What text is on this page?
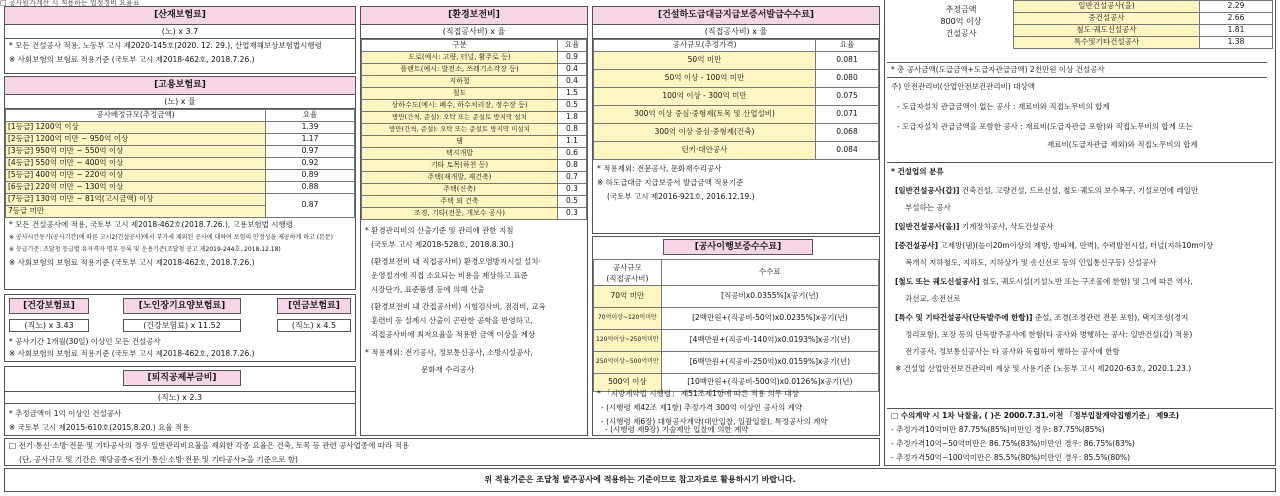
□ 공사원가계산 시 적용하는 법정경비 요율표
[산재보험료]
(노) x 3.7
* 모든 건설공사 적용, 노동부 고시 제2020-145호(2020. 12. 29.), 산업재해보상보험법시행령
※ 사회보험의 보험료 적용기준 (국토부 고시 제2018-462호, 2018.7.26.)
[고용보험료]
(노) x 율
공사배정규모(추정금액)	요율
[1등급] 1200억 이상	1.39
[2등급] 1200억 미만 ~ 950억 이상	1.17
[3등급] 950억 미만 ~ 550억 이상	0.97
[4등급] 550억 미만 ~ 400억 이상	0.92
[5등급] 400억 미만 ~ 220억 이상	0.89
[6등급] 220억 미만 ~ 130억 이상	0.88
[7등급] 130억 미만 ~ 81억(고시금액) 이상	0.87
7등급 미만	
* 모든 건설공사에 적용, 국토부 고시 제2018-462호(2018.7.26.), 고용보험법 시행령
※ 공사시간동기(공사기간)에 따른 고시2(건설공사)에서 부가세 제외된 공사에 대하여 보험의 안정성을 제공하게 하고 (본문)
※ 등급기준: 조달청 등급별 유자격자 명부 등록 및 운용기준(조달청 공고 제2019-244호, 2018.12.18)
※ 사회보험의 보험료 적용기준 (국토부 고시 제2018-462호, 2018.7.26.)
[건강보험료]	[노인장기요양보험료]	[연금보험료]
(직노) x 3.43	(건강보험료) x 11.52	(직노) x 4.5
* 공사기간 1개월(30일) 이상인 모든 건설공사
※ 사회보험의 보험료 적용기준 (국토부 고시 제2018-462호, 2018.7.26.)
[퇴직공제부금비]
(직노) x 2.3
* 추정금액이 1억 이상인 건설공사
※ 국토부 고시 제2015-610호(2015.8.20.) 요율 적용
□ 전기·통신·소방·전문 및 기타공사의 경우 일반관리비요율을 제외한 각종 요율은 건축, 토목 등 관련 공사업종에 따라 적용
(단, 공사규모 및 기간은 해당공종<전기·통신·소방·전문 및 기타공사>을 기준으로 함)
[환경보전비]
(직접공사비) x 율
구분	요율
도로(예시: 고량, 터널, 활주로 등)	0.9
플랜트(예시: 발전소, 쓰레기소각장 등)	0.4
지하철	0.4
철도	1.5
상하수도(예시: 폐수, 하수처리장, 정수장 등)	0.5
방만(간척, 준설): 오탁 또는 준설토 방지막 설치	1.8
방만(간척, 준설): 오탁 또는 준설토 방지막 미설치	0.8
댐	1.1
택지개발	0.6
기타 토목(하천 등)	0.8
주택(재개발, 재건축)	0.7
주택(신축)	0.3
주택 외 건축	0.5
조경, 기타(전문, 개보수 공사)	0.3
* 환경관리비의 산출기준 및 관리에 관한 지침
(국토부 고시 제2018-528호, 2018.8.30.)
(환경보전비 내 직접공사비) 환경오염방지시설 설치·
운영절거에 직접 소요되는 비용을 계상하고 표준
시장단가, 표준품셈 등에 의해 산출
(환경보전비 내 간접공사비) 시험검사비, 점검비, 교육
훈련비 등 설계시 산출이 곤란한 공학을 반영하고,
직접공사비에 최저요율을 적용한 금액 이상을 계상
* 적용제외: 전기공사, 정보통신공사, 소방시설공사,
문화재 수리공사
[건설하도급대금지급보증서발급수수료]
(직접공사비) x 율
공사규모(추정가격)	요율
50억 미만	0.081
50억 이상 - 100억 미만	0.080
100억 이상 - 300억 미만	0.075
300억 이상 중심·중형제(토목 및 산업설비)	0.071
300억 이상 중심·중형제(건축)	0.068
턴키·대안공사	0.084
* 적용제외: 전문공사, 문화재수리공사
※ 하도급대금 지급보증서 발급금액 적용기준
(국토부 고시 제2016-921호, 2016.12.19.)
[공사이행보증수수료]
공사규모
(직접공사비)	수수료
70억 미만	[직공비x0.0355%]x공기(년)
70억이상~120억미만	[2백만원+(직공비-50억)x0.0235%]x공기(년)
120억이상~250억미만	[4백만원+(직공비-140억)x0.0193%]x공기(년)
250억이상~500억미만	[6백만원+(직공비-250억)x0.0159%]x공기(년)
500억 이상	[10백만원+(직공비-500억)x0.0126%]x공기(년)
* 「지방계약법 시행령」 제51조제1항에 따른 적용 의무 대상
- (시행령 제42조 제1항) 추정가격 300억 이상인 공사의 계약
- (시행령 제6장) 대형공사계약(대안입찰, 일괄입찰), 특정공사의 계약
- (시행령 제9장) 기술제안 입찰에 의한 계약
추정금액
800억 이상
건설공사
일반건설공사(을)	2.29
중건설공사	2.66
철도·궤도신설공사	1.81
특수및기타건설공사	1.38
* 총 공사금액(도급금액+도급자관급금액) 2천만원 이상 건설공사
주) 안전관리비(산업안전보건관리비) 대상액
- 도급자설치 관급금액이 없는 공사 : 재료비와 직접노무비의 합계
- 도급자설치 관급금액을 포함한 공사 : 재료비(도급자관급 포함)와 직접노무비의 합계 또는
재료비(도급자관급 제외)와 직접노무비의 합계
* 건설업의 분류
[일반건설공사(갑)] 건축건설, 고량건설, 드르신설, 철도·궤도의 보수복구, 기설로면에 레일만
부설하는 공사
[일반건설공사(을)] 기계장치공사, 삭도건설공사
[중건설공사] 고제방(댐)(높이20m이상의 제방, 방파제, 안벽), 수력발전시설, 터널(지하10m이상
복개식 지하철도, 지하도, 지하상가 및 송신선로 등의 인입통신구등) 신설공사
[철도 또는 궤도신설공사] 철도, 궤도시설(기설노반 또는 구조물에 한함) 및 그에 따른 역사,
과선교, 송전선로
[특수 및 기타건설공사(단독발주에 한함)] 준설, 조경(조경관련 전문 포함), 택지조성(경지
정리포함), 포장 등의 단독발주공사에 한함(타 공사와 병행하는 공사: 일반건설(갑) 적용)
전기공사, 정보통신공사는 타 공사와 독립하여 행하는 공사에 한함
※ 건설업 산업안전보건관리비 계상 및 사용기준 (노동부 고시 제2020-63호, 2020.1.23.)
□ 수의계약 시 1차 낙찰율, ( )은 2000.7.31.이전 「정부입찰계약집행기준」 제9조)
- 추정가격10억미만 87.75%(85%)미만인 경우: 87.75%(85%)
- 추정가격10억~50억미만은 86.75%(83%)미만인 경우: 86.75%(83%)
- 추정가격50억~100억미만은 85.5%(80%)미만인 경우: 85.5%(80%)
위 적용기준은 조달청 발주공사에 적용하는 기준이므로 참고자료로 활용하시기 바랍니다.
